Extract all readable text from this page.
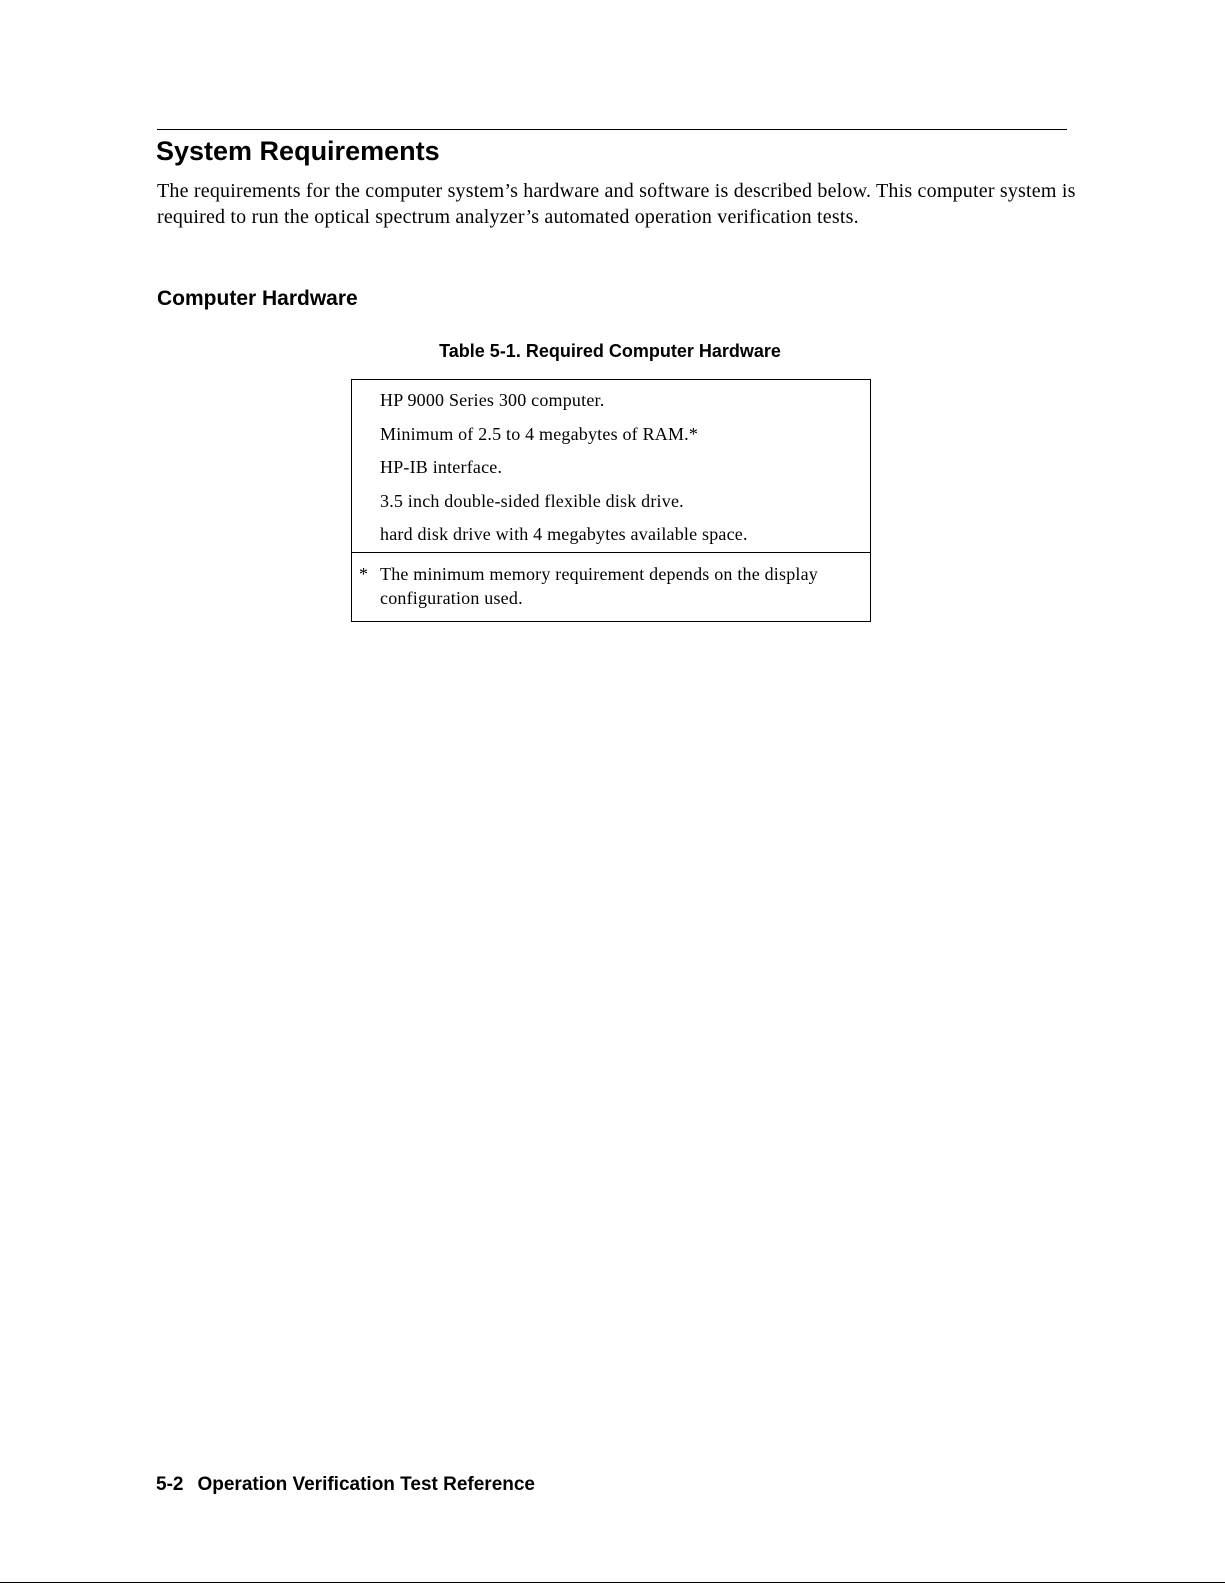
System Requirements

The requirements for the computer system’s hardware and software is described below. This computer system is required to run the optical spectrum analyzer’s automated operation verification tests.

Computer Hardware
Table 5-1. Required Computer Hardware
HP 9000 Series 300 computer.
Minimum of 2.5 to 4 megabytes of RAM.*
HP-IB interface.
3.5 inch double-sided flexible disk drive.
hard disk drive with 4 megabytes available space.
* The minimum memory requirement depends on the display configuration used.
5-2 Operation Verification Test Reference
